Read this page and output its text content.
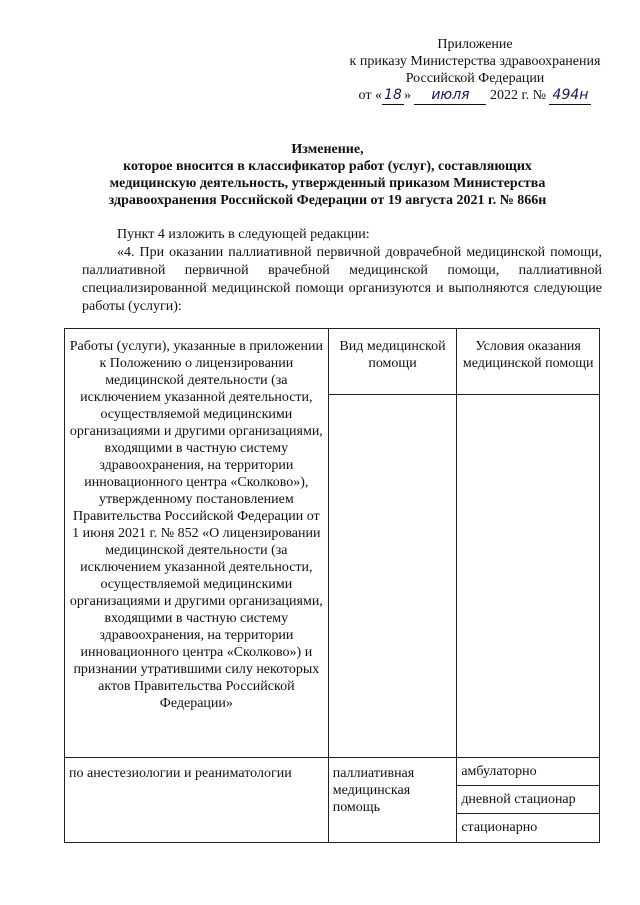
Приложение
к приказу Министерства здравоохранения
Российской Федерации
от « 18 » июля 2022 г. № 494н
Изменение,
которое вносится в классификатор работ (услуг), составляющих
медицинскую деятельность, утвержденный приказом Министерства
здравоохранения Российской Федерации от 19 августа 2021 г. № 866н

Пункт 4 изложить в следующей редакции:

«4. При оказании паллиативной первичной доврачебной медицинской помощи, паллиативной первичной врачебной медицинской помощи, паллиативной специализированной медицинской помощи организуются и выполняются следующие работы (услуги):

Работы (услуги), указанные в приложении к Положению о лицензировании медицинской деятельности (за исключением указанной деятельности, осуществляемой медицинскими организациями и другими организациями, входящими в частную систему здравоохранения, на территории инновационного центра «Сколково»), утвержденному постановлением Правительства Российской Федерации от 1 июня 2021 г. № 852 «О лицензировании медицинской деятельности (за исключением указанной деятельности, осуществляемой медицинскими организациями и другими организациями, входящими в частную систему здравоохранения, на территории инновационного центра «Сколково») и признании утратившими силу некоторых актов Правительства Российской Федерации»	Вид медицинской помощи	Условия оказания медицинской помощи

по анестезиологии и реаниматологии	паллиативная медицинская помощь	амбулаторно
дневной стационар
стационарно
